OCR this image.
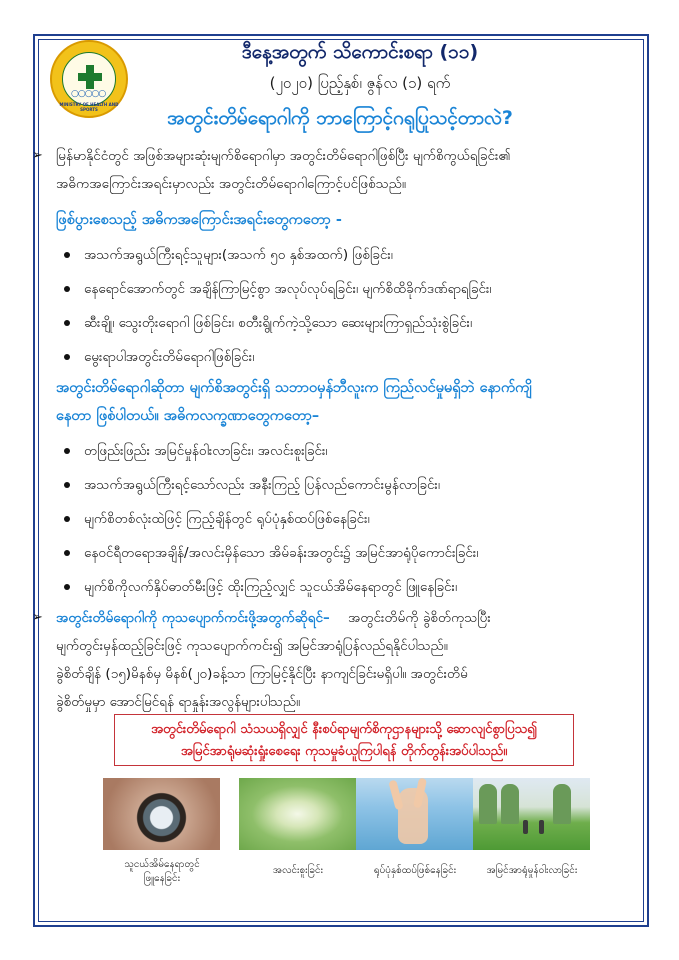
○○○○○
MINISTRY OF HEALTH AND SPORTS
ဒီနေ့အတွက် သိကောင်းစရာ (၁၁)
(၂၀၂၀) ပြည့်နှစ်၊ ဇွန်လ (၁) ရက်
အတွင်းတိမ်ရောဂါကို ဘာကြောင့်ဂရုပြုသင့်တာလဲ?
➢ မြန်မာနိုင်ငံတွင် အဖြစ်အများဆုံးမျက်စိရောဂါမှာ အတွင်းတိမ်ရောဂါဖြစ်ပြီး မျက်စိကွယ်ရခြင်း၏
အဓိကအကြောင်းအရင်းမှာလည်း အတွင်းတိမ်ရောဂါကြောင့်ပင်ဖြစ်သည်။
ဖြစ်ပွားစေသည့် အဓိကအကြောင်းအရင်းတွေကတော့ -
အသက်အရွယ်ကြီးရင့်သူများ(အသက် ၅၀ နှစ်အထက်) ဖြစ်ခြင်း၊
နေရောင်အောက်တွင် အချိန်ကြာမြင့်စွာ အလုပ်လုပ်ရခြင်း၊ မျက်စိထိခိုက်ဒဏ်ရာရခြင်း၊
ဆီးချို၊ သွေးတိုးရောဂါ ဖြစ်ခြင်း၊ စတီးရွိုက်ကဲ့သို့သော ဆေးများကြာရှည်သုံးစွဲခြင်း၊
မွေးရာပါအတွင်းတိမ်ရောဂါဖြစ်ခြင်း၊
အတွင်းတိမ်ရောဂါဆိုတာ မျက်စိအတွင်းရှိ သဘာဝမှန်ဘီလူးက ကြည်လင်မှုမရှိဘဲ နောက်ကျိ
နေတာ ဖြစ်ပါတယ်။ အဓိကလက္ခဏာတွေကတော့–
တဖြည်းဖြည်း အမြင်မှုန်ဝါးလာခြင်း၊ အလင်းစူးခြင်း၊
အသက်အရွယ်ကြီးရင့်သော်လည်း အနီးကြည့် ပြန်လည်ကောင်းမွန်လာခြင်း၊
မျက်စိတစ်လုံးထဲဖြင့် ကြည့်ချိန်တွင် ရုပ်ပုံနှစ်ထပ်ဖြစ်နေခြင်း၊
နေဝင်ရီတရောအချိန်/အလင်းမှိန်သော အိမ်ခန်းအတွင်း၌ အမြင်အာရုံပိုကောင်းခြင်း၊
မျက်စိကိုလက်နှိပ်ဓာတ်မီးဖြင့် ထိုးကြည့်လျှင် သူငယ်အိမ်နေရာတွင် ဖြူနေခြင်း၊
➢ အတွင်းတိမ်ရောဂါကို ကုသပျောက်ကင်းဖို့အတွက်ဆိုရင်– အတွင်းတိမ်ကို ခွဲစိတ်ကုသပြီး
မျက်တွင်းမှန်ထည့်ခြင်းဖြင့် ကုသပျောက်ကင်း၍ အမြင်အာရုံပြန်လည်ရနိုင်ပါသည်။
ခွဲစိတ်ချိန် (၁၅)မိနစ်မှ မိနစ်(၂၀)ခန့်သာ ကြာမြင့်နိုင်ပြီး နာကျင်ခြင်းမရှိပါ။ အတွင်းတိမ်
ခွဲစိတ်မှုမှာ အောင်မြင်ရန် ရာနှုန်းအလွန်များပါသည်။
အတွင်းတိမ်ရောဂါ သံသယရှိလျှင် နီးစပ်ရာမျက်စိကုဌာနများသို့ ဆောလျင်စွာပြသ၍
အမြင်အာရုံမဆုံးရှုံးစေရေး ကုသမှုခံယူကြပါရန် တိုက်တွန်းအပ်ပါသည်။
သူငယ်အိမ်နေရာတွင်
ဖြူနေခြင်း
အလင်းစူးခြင်း	ရုပ်ပုံနှစ်ထပ်ဖြစ်နေခြင်း	အမြင်အာရုံမှုန်ဝါးလာခြင်း
